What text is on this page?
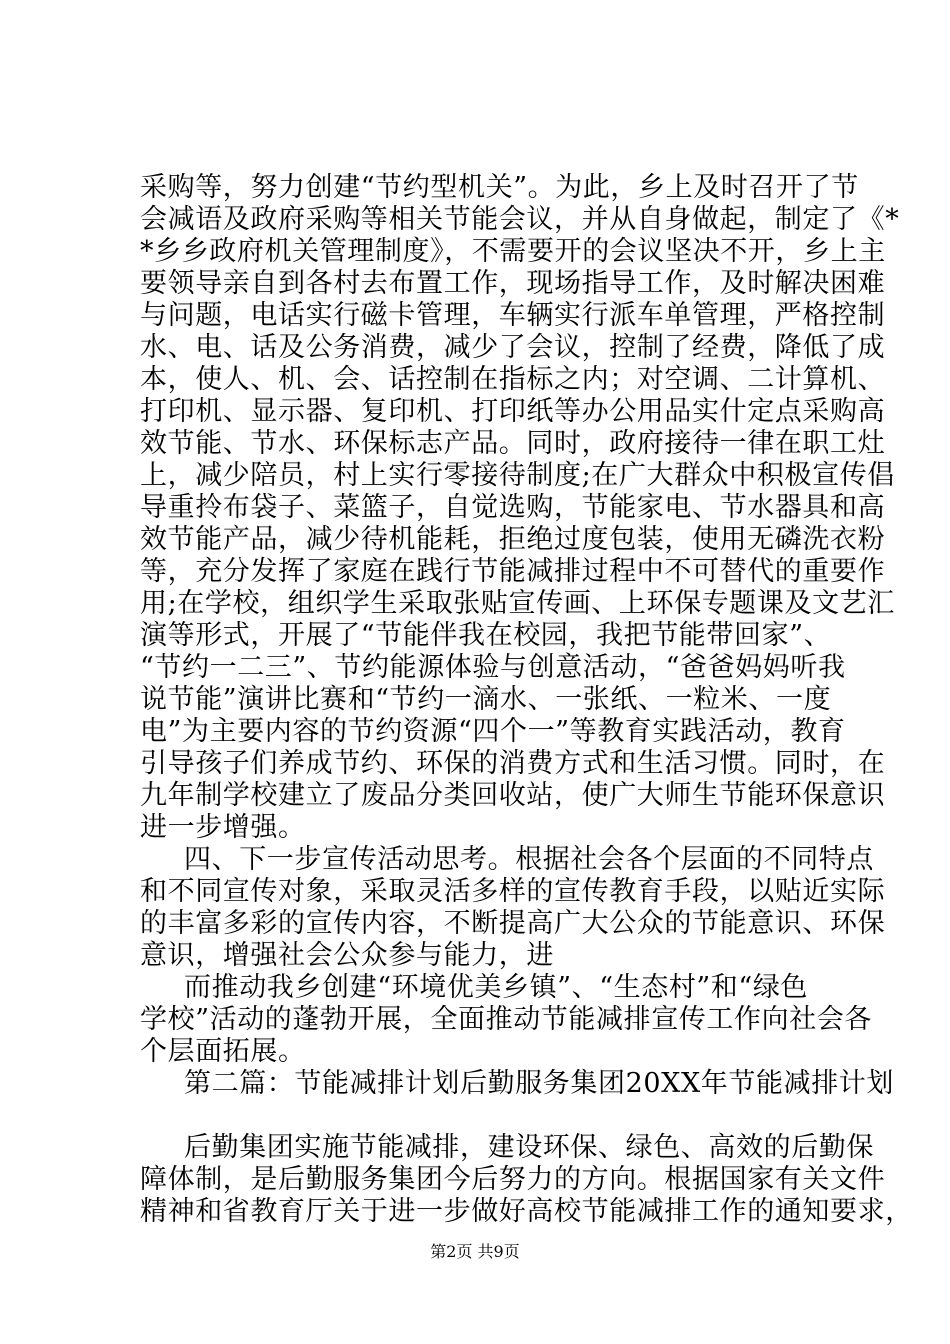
采购等，努力创建“节约型机关”。为此，乡上及时召开了节
会减语及政府采购等相关节能会议，并从自身做起，制定了《*
*乡乡政府机关管理制度》，不需要开的会议坚决不开，乡上主
要领导亲自到各村去布置工作，现场指导工作，及时解决困难
与问题，电话实行磁卡管理，车辆实行派车单管理，严格控制
水、电、话及公务消费，减少了会议，控制了经费，降低了成
本，使人、机、会、话控制在指标之内；对空调、二计算机、
打印机、显示器、复印机、打印纸等办公用品实什定点采购高
效节能、节水、环保标志产品。同时，政府接待一律在职工灶
上，减少陪员，村上实行零接待制度;在广大群众中积极宣传倡
导重拎布袋子、菜篮子，自觉选购，节能家电、节水器具和高
效节能产品，减少待机能耗，拒绝过度包装，使用无磷洗衣粉
等，充分发挥了家庭在践行节能减排过程中不可替代的重要作
用;在学校，组织学生采取张贴宣传画、上环保专题课及文艺汇
演等形式，开展了“节能伴我在校园，我把节能带回家”、
“节约一二三”、节约能源体验与创意活动，“爸爸妈妈听我
说节能”演讲比赛和“节约一滴水、一张纸、一粒米、一度
电”为主要内容的节约资源“四个一”等教育实践活动，教育
引导孩子们养成节约、环保的消费方式和生活习惯。同时，在
九年制学校建立了废品分类回收站，使广大师生节能环保意识
进一步增强。
四、下一步宣传活动思考。根据社会各个层面的不同特点
和不同宣传对象，采取灵活多样的宣传教育手段，以贴近实际
的丰富多彩的宣传内容，不断提高广大公众的节能意识、环保
意识，增强社会公众参与能力，进
而推动我乡创建“环境优美乡镇”、“生态村”和“绿色
学校”活动的蓬勃开展，全面推动节能减排宣传工作向社会各
个层面拓展。
第二篇：节能减排计划后勤服务集团20XX年节能减排计划
后勤集团实施节能减排，建设环保、绿色、高效的后勤保
障体制，是后勤服务集团今后努力的方向。根据国家有关文件
精神和省教育厅关于进一步做好高校节能减排工作的通知要求，
第2页 共9页
